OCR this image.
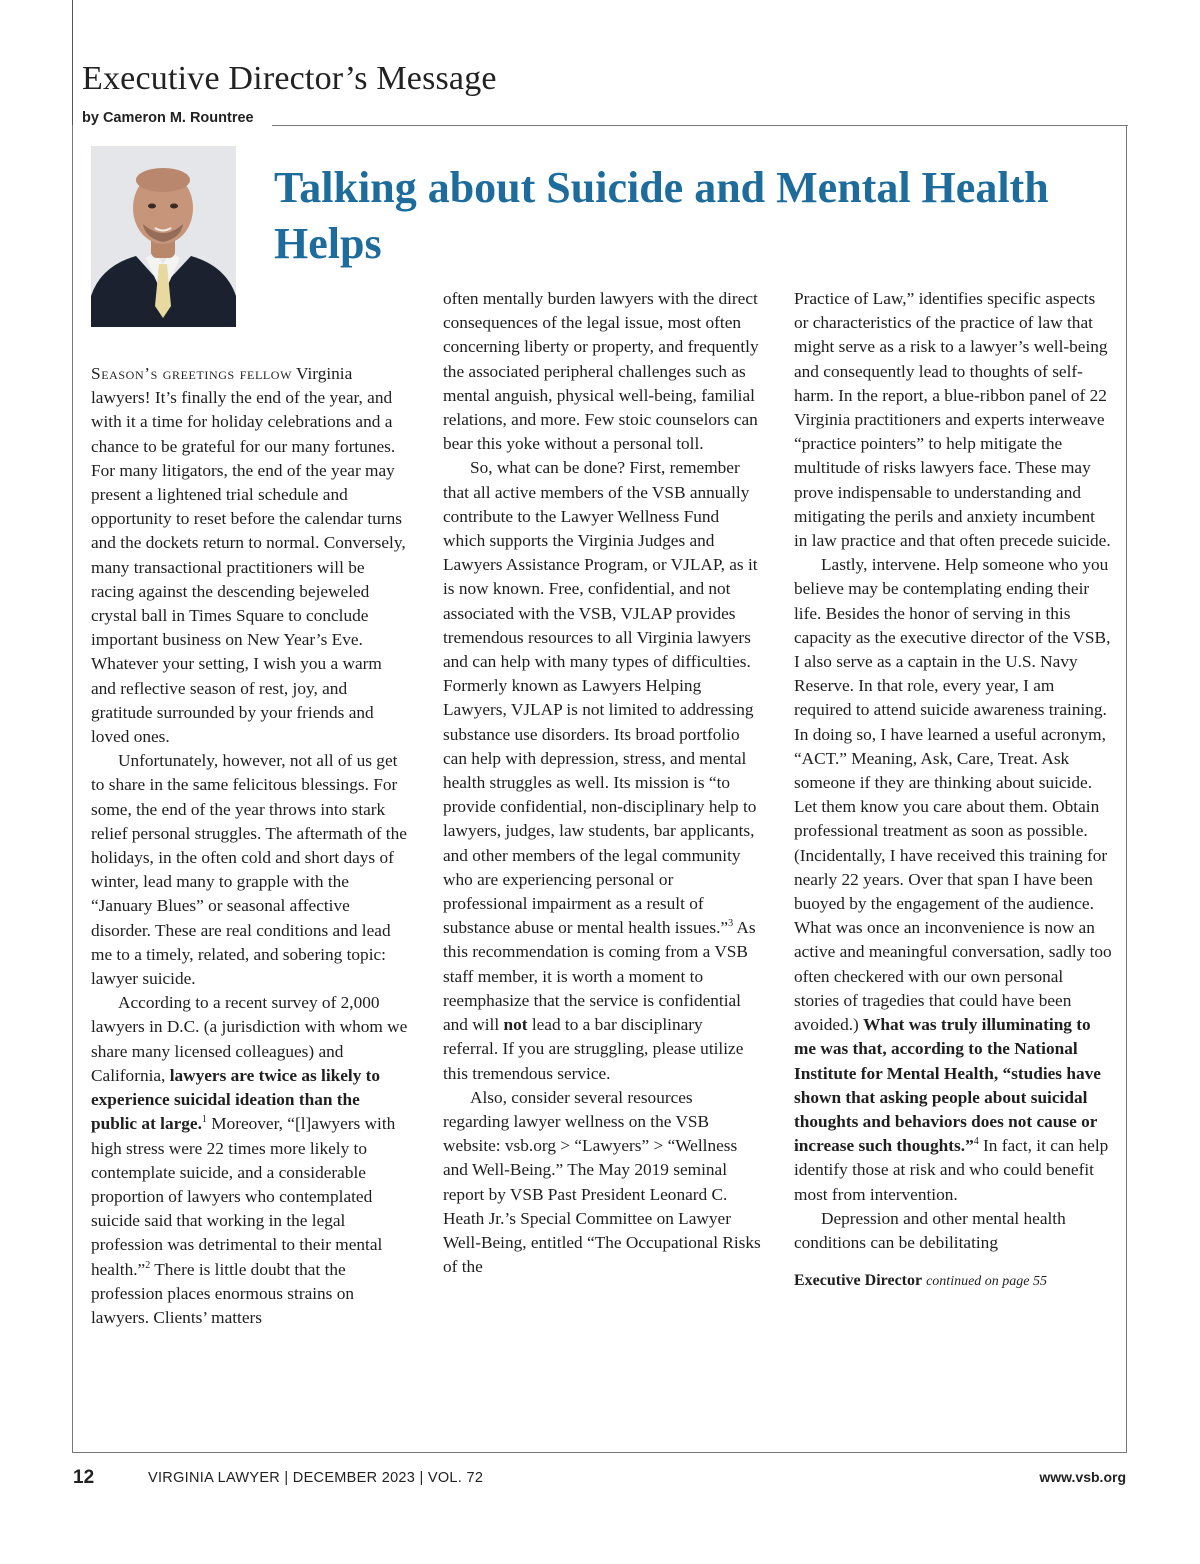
Executive Director’s Message
by Cameron M. Rountree
Talking about Suicide and Mental Health Helps

Season’s greetings fellow Virginia lawyers! It’s finally the end of the year, and with it a time for holiday celebrations and a chance to be grateful for our many fortunes. For many litigators, the end of the year may present a lightened trial schedule and opportunity to reset before the calendar turns and the dockets return to normal. Conversely, many transactional practitioners will be racing against the descending bejeweled crystal ball in Times Square to conclude important business on New Year’s Eve. Whatever your setting, I wish you a warm and reflective season of rest, joy, and gratitude surrounded by your friends and loved ones.

Unfortunately, however, not all of us get to share in the same felicitous blessings. For some, the end of the year throws into stark relief personal struggles. The aftermath of the holidays, in the often cold and short days of winter, lead many to grapple with the “January Blues” or seasonal affective disorder. These are real conditions and lead me to a timely, related, and sobering topic: lawyer suicide.

According to a recent survey of 2,000 lawyers in D.C. (a jurisdiction with whom we share many licensed colleagues) and California, lawyers are twice as likely to experience suicidal ideation than the public at large.$^1$ Moreover, “[l]awyers with high stress were 22 times more likely to contemplate suicide, and a considerable proportion of lawyers who contemplated suicide said that working in the legal profession was detrimental to their mental health.”$^2$ There is little doubt that the profession places enormous strains on lawyers. Clients’ matters

often mentally burden lawyers with the direct consequences of the legal issue, most often concerning liberty or property, and frequently the associated peripheral challenges such as mental anguish, physical well-being, familial relations, and more. Few stoic counselors can bear this yoke without a personal toll.

So, what can be done? First, remember that all active members of the VSB annually contribute to the Lawyer Wellness Fund which supports the Virginia Judges and Lawyers Assistance Program, or VJLAP, as it is now known. Free, confidential, and not associated with the VSB, VJLAP provides tremendous resources to all Virginia lawyers and can help with many types of difficulties. Formerly known as Lawyers Helping Lawyers, VJLAP is not limited to addressing substance use disorders. Its broad portfolio can help with depression, stress, and mental health struggles as well. Its mission is “to provide confidential, non-disciplinary help to lawyers, judges, law students, bar applicants, and other members of the legal community who are experiencing personal or professional impairment as a result of substance abuse or mental health issues.”$^3$ As this recommendation is coming from a VSB staff member, it is worth a moment to reemphasize that the service is confidential and will not lead to a bar disciplinary referral. If you are struggling, please utilize this tremendous service.

Also, consider several resources regarding lawyer wellness on the VSB website: vsb.org > “Lawyers” > “Wellness and Well-Being.” The May 2019 seminal report by VSB Past President Leonard C. Heath Jr.’s Special Committee on Lawyer Well-Being, entitled “The Occupational Risks of the

Practice of Law,” identifies specific aspects or characteristics of the practice of law that might serve as a risk to a lawyer’s well-being and consequently lead to thoughts of self-harm. In the report, a blue-ribbon panel of 22 Virginia practitioners and experts interweave “practice pointers” to help mitigate the multitude of risks lawyers face. These may prove indispensable to understanding and mitigating the perils and anxiety incumbent in law practice and that often precede suicide.

Lastly, intervene. Help someone who you believe may be contemplating ending their life. Besides the honor of serving in this capacity as the executive director of the VSB, I also serve as a captain in the U.S. Navy Reserve. In that role, every year, I am required to attend suicide awareness training. In doing so, I have learned a useful acronym, “ACT.” Meaning, Ask, Care, Treat. Ask someone if they are thinking about suicide. Let them know you care about them. Obtain professional treatment as soon as possible. (Incidentally, I have received this training for nearly 22 years. Over that span I have been buoyed by the engagement of the audience. What was once an inconvenience is now an active and meaningful conversation, sadly too often checkered with our own personal stories of tragedies that could have been avoided.) What was truly illuminating to me was that, according to the National Institute for Mental Health, “studies have shown that asking people about suicidal thoughts and behaviors does not cause or increase such thoughts.”$^4$ In fact, it can help identify those at risk and who could benefit most from intervention.

Depression and other mental health conditions can be debilitating

Executive Director continued on page 55
12	VIRGINIA LAWYER | DECEMBER 2023 | VOL. 72	www.vsb.org
